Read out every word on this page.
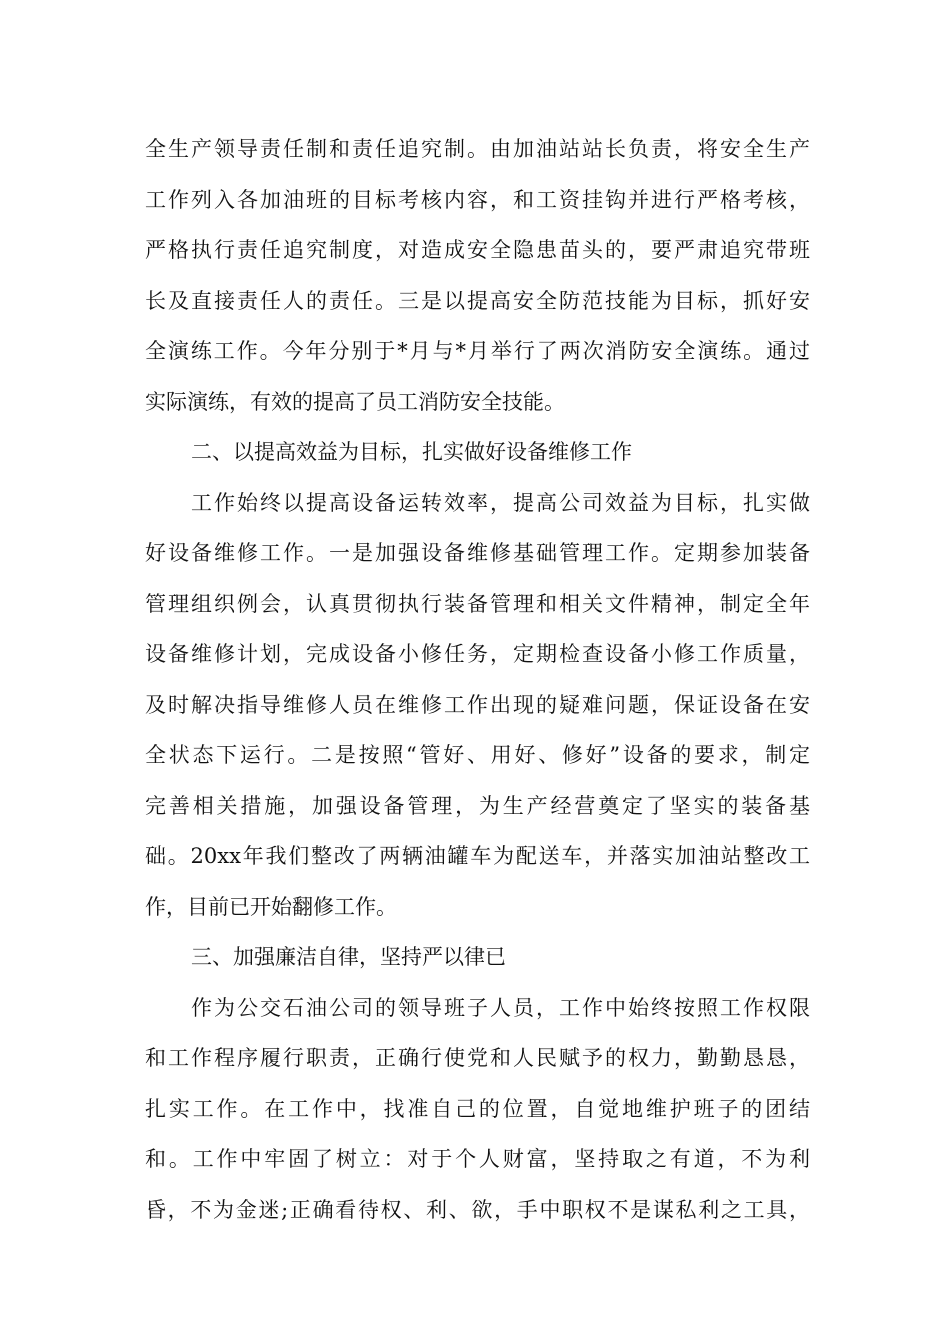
全生产领导责任制和责任追究制。由加油站站长负责，将安全生产
工作列入各加油班的目标考核内容，和工资挂钩并进行严格考核，
严格执行责任追究制度，对造成安全隐患苗头的，要严肃追究带班
长及直接责任人的责任。三是以提高安全防范技能为目标，抓好安
全演练工作。今年分别于*月与*月举行了两次消防安全演练。通过
实际演练，有效的提高了员工消防安全技能。
二、以提高效益为目标，扎实做好设备维修工作
工作始终以提高设备运转效率，提高公司效益为目标，扎实做
好设备维修工作。一是加强设备维修基础管理工作。定期参加装备
管理组织例会，认真贯彻执行装备管理和相关文件精神，制定全年
设备维修计划，完成设备小修任务，定期检查设备小修工作质量，
及时解决指导维修人员在维修工作出现的疑难问题，保证设备在安
全状态下运行。二是按照“管好、用好、修好”设备的要求，制定
完善相关措施，加强设备管理，为生产经营奠定了坚实的装备基
础。20xx年我们整改了两辆油罐车为配送车，并落实加油站整改工
作，目前已开始翻修工作。
三、加强廉洁自律，坚持严以律已
作为公交石油公司的领导班子人员，工作中始终按照工作权限
和工作程序履行职责，正确行使党和人民赋予的权力，勤勤恳恳，
扎实工作。在工作中，找准自己的位置，自觉地维护班子的团结
和。工作中牢固了树立：对于个人财富，坚持取之有道，不为利
昏，不为金迷;正确看待权、利、欲，手中职权不是谋私利之工具，
